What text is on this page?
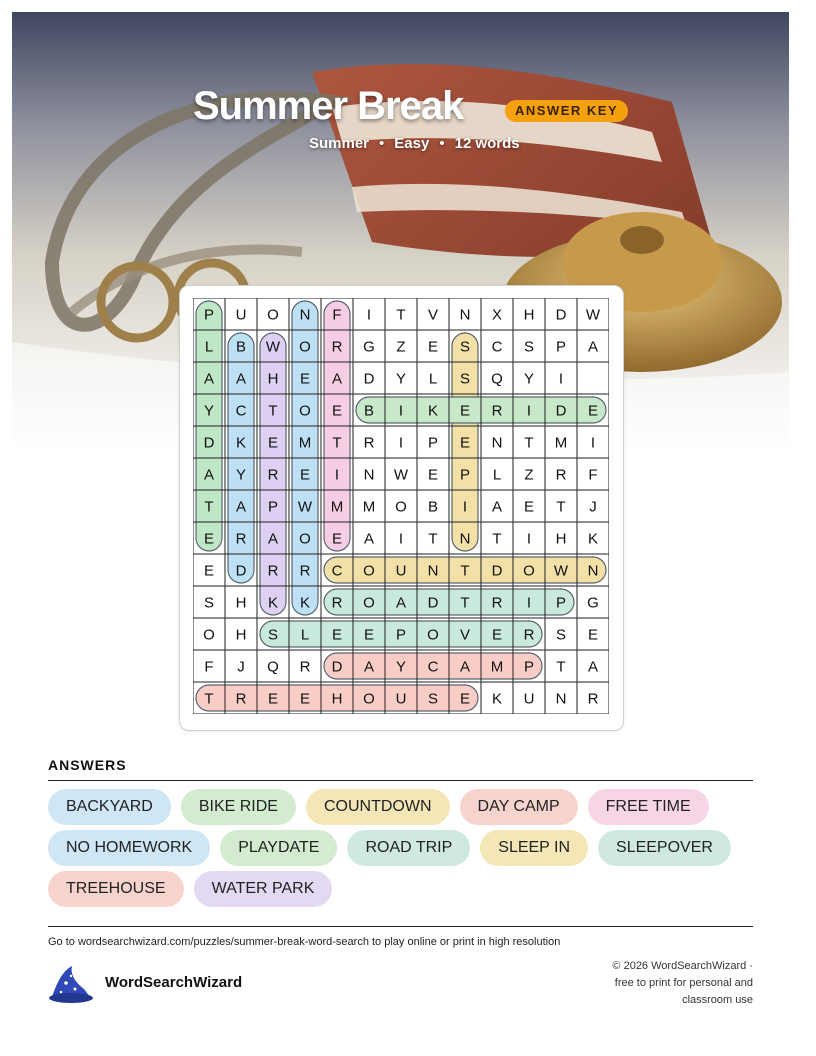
Summer Break	ANSWER KEY
Summer • Easy • 12 words
P U O N F I T V N X H D W
L B W O R G Z E S C S P A
A A H E A D Y L S Q Y I
Y C T O E B I K E R I D E
D K E M T R I P E N T M I
A Y R E I N W E P L Z R F
T A P W M M O B I A E T J
E R A O E A I T N T I H K
E D R R C O U N T D O W N
S H K K R O A D T R I P G
O H S L E E P O V E R S E
F J Q R D A Y C A M P T A
T R E E H O U S E K U N R
ANSWERS
BACKYARD	BIKE RIDE	COUNTDOWN	DAY CAMP	FREE TIME
NO HOMEWORK	PLAYDATE	ROAD TRIP	SLEEP IN	SLEEPOVER
TREEHOUSE	WATER PARK
Go to wordsearchwizard.com/puzzles/summer-break-word-search to play online or print in high resolution
WordSearchWizard
© 2026 WordSearchWizard · free to print for personal and classroom use
